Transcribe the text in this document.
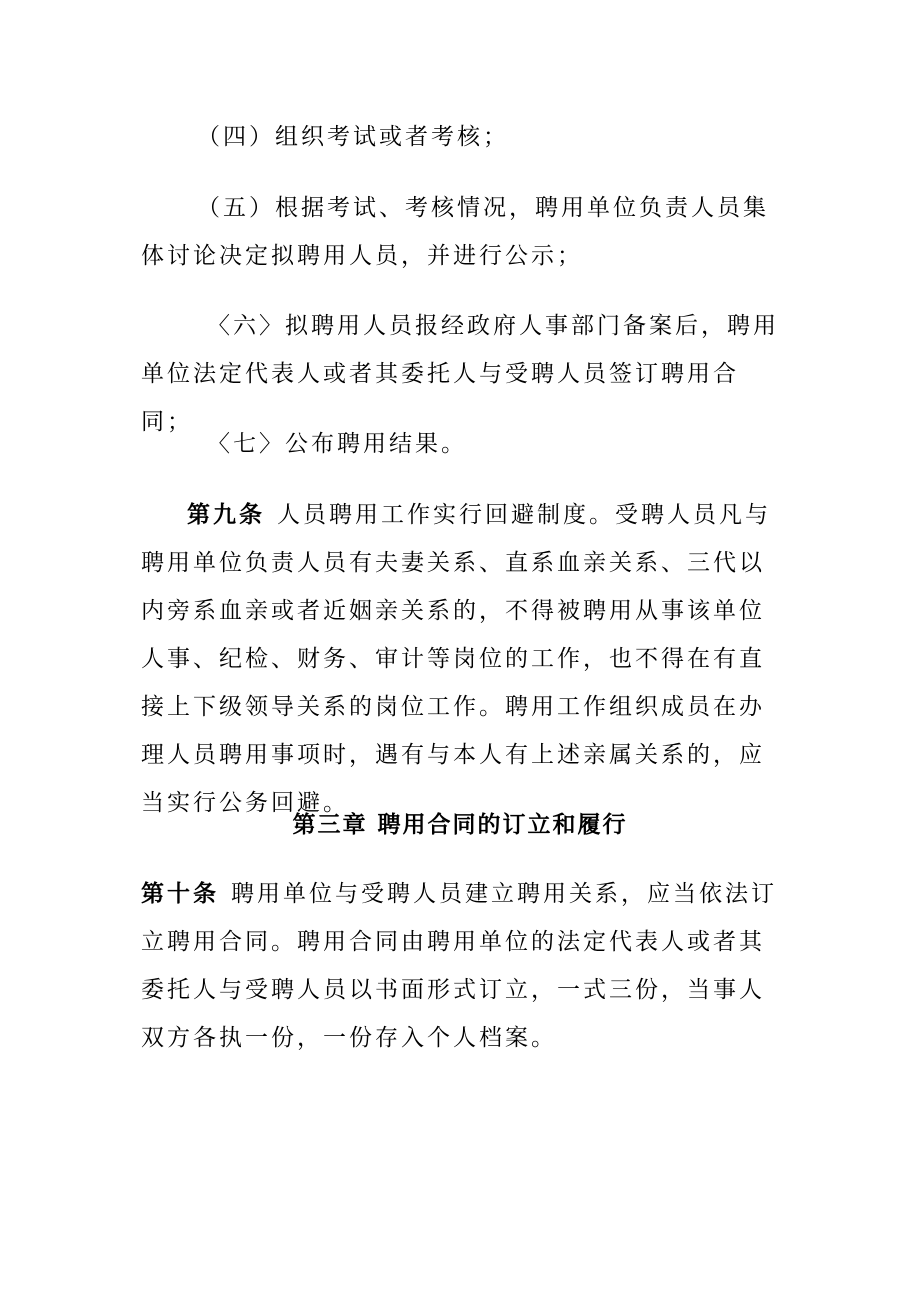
（四）组织考试或者考核；

（五）根据考试、考核情况，聘用单位负责人员集体讨论决定拟聘用人员，并进行公示；

〈六〉拟聘用人员报经政府人事部门备案后，聘用单位法定代表人或者其委托人与受聘人员签订聘用合同；

〈七〉公布聘用结果。

第九条 人员聘用工作实行回避制度。受聘人员凡与聘用单位负责人员有夫妻关系、直系血亲关系、三代以内旁系血亲或者近姻亲关系的，不得被聘用从事该单位人事、纪检、财务、审计等岗位的工作，也不得在有直接上下级领导关系的岗位工作。聘用工作组织成员在办理人员聘用事项时，遇有与本人有上述亲属关系的，应当实行公务回避。

第三章 聘用合同的订立和履行

第十条 聘用单位与受聘人员建立聘用关系，应当依法订立聘用合同。聘用合同由聘用单位的法定代表人或者其委托人与受聘人员以书面形式订立，一式三份，当事人双方各执一份，一份存入个人档案。
